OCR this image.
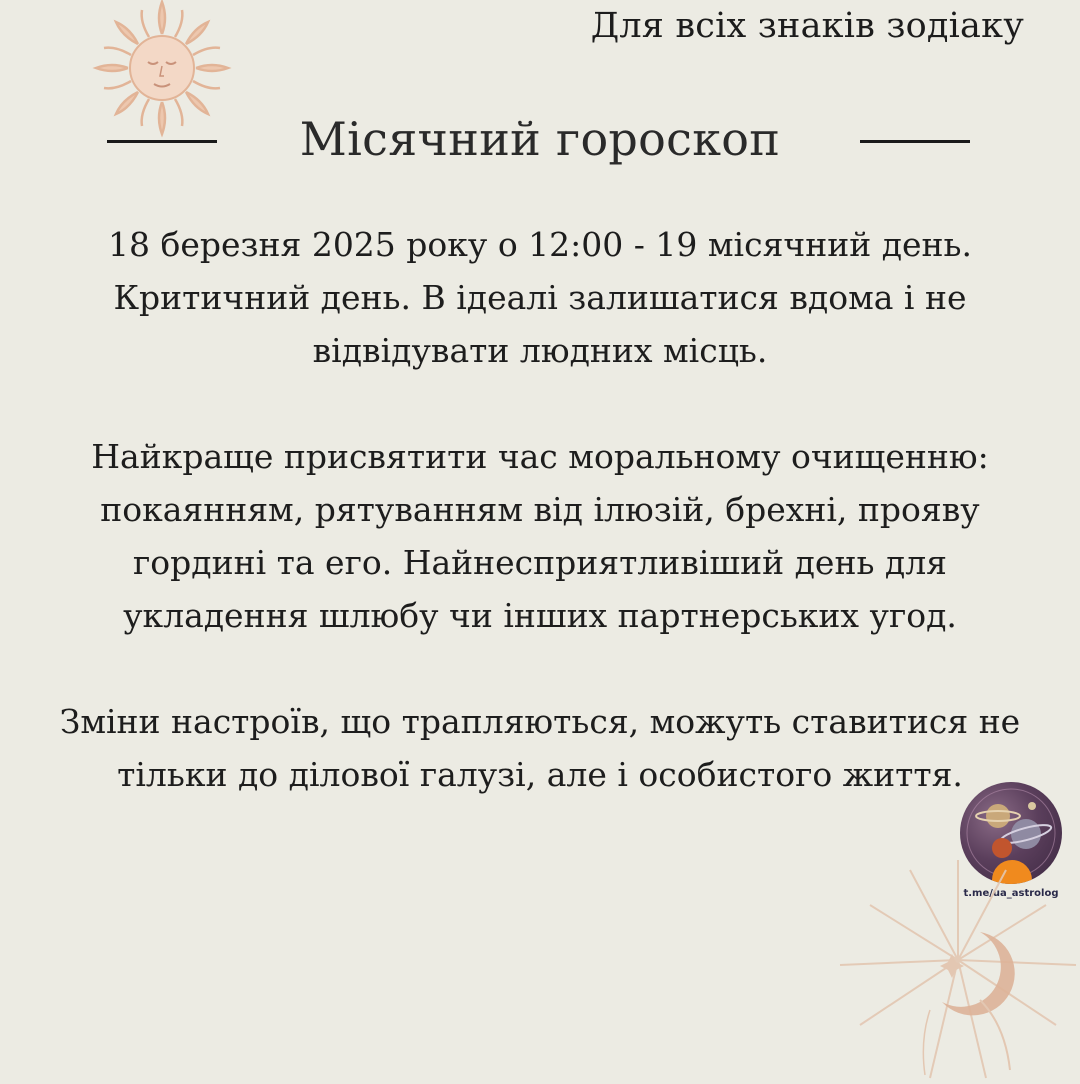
Для всіх знаків зодіаку
Місячний гороскоп

18 березня 2025 року о 12:00 - 19 місячний день. Критичний день. В ідеалі залишатися вдома і не відвідувати людних місць.

Найкраще присвятити час моральному очищенню: покаянням, рятуванням від ілюзій, брехні, прояву гордині та его. Найнесприятливіший день для укладення шлюбу чи інших партнерських угод.

Зміни настроїв, що трапляються, можуть ставитися не тільки до ділової галузі, але і особистого життя.

t.me/ua_astrolog
